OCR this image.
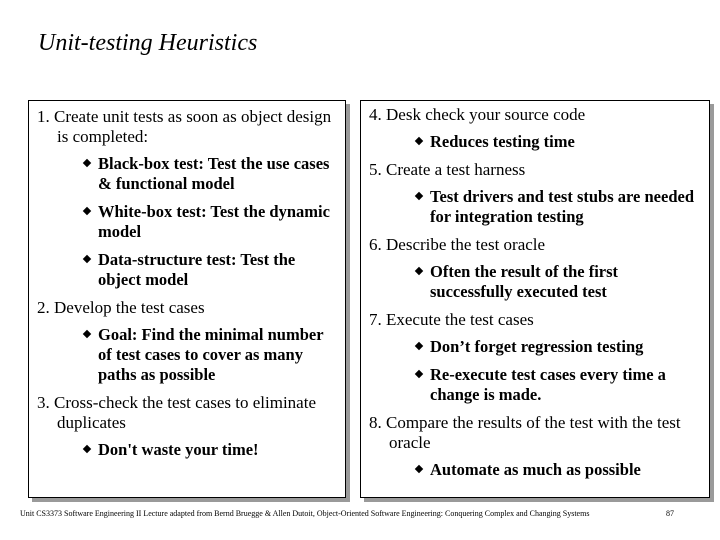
Unit-testing Heuristics
1. Create unit tests as soon as object design is completed:
Black-box test: Test the use cases & functional model
White-box test: Test the dynamic model
Data-structure test: Test the object model
2. Develop the test cases
Goal: Find the minimal number of test cases to cover as many paths as possible
3. Cross-check the test cases to eliminate duplicates
Don't waste your time!
4. Desk check your source code
Reduces testing time
5. Create a test harness
Test drivers and test stubs are needed for integration testing
6. Describe the test oracle
Often the result of the first successfully executed test
7. Execute the test cases
Don’t forget regression testing
Re-execute test cases every time a change is made.
8. Compare the results of the test with the test oracle
Automate as much as possible
Unit CS3373 Software Engineering II Lecture adapted from Bernd Bruegge & Allen Dutoit, Object-Oriented Software Engineering: Conquering Complex and Changing Systems	87
